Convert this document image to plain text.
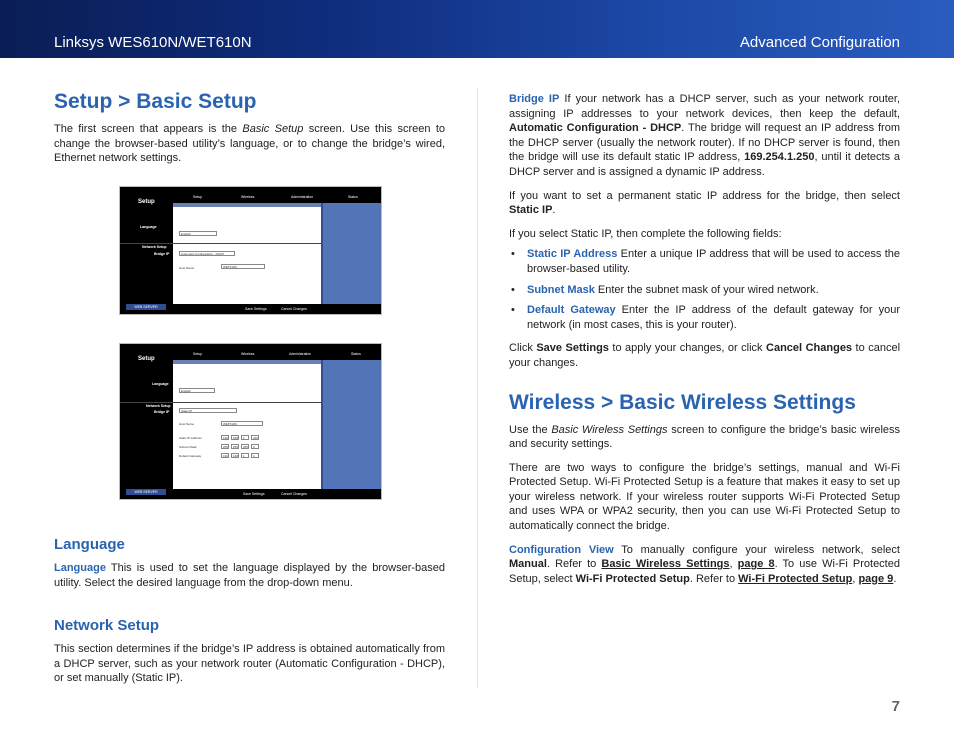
Linksys WES610N/WET610N	Advanced Configuration
Setup > Basic Setup

The first screen that appears is the Basic Setup screen. Use this screen to change the browser-based utility’s language, or to change the bridge’s wired, Ethernet network settings.

Setup
Language
Network Setup
Bridge IP
Setup	Wireless	Administration	Status
English
Automatic Configuration - DHCP
Host Name	WET610N
WEB SERVER	Save Settings	Cancel Changes
Setup
Language
Network Setup
Bridge IP
Setup	Wireless	Administration	Status
English
Static IP
Host Name	WET610N
Static IP Address	192 168 1	226
Subnet Mask	255 255 255 0
Default Gateway	192 168 1	1
WEB SERVER	Save Settings	Cancel Changes
Language

Language This is used to set the language displayed by the browser-based utility. Select the desired language from the drop-down menu.

Network Setup

This section determines if the bridge’s IP address is obtained automatically from a DHCP server, such as your network router (Automatic Configuration - DHCP), or set manually (Static IP).

Bridge IP If your network has a DHCP server, such as your network router, assigning IP addresses to your network devices, then keep the default, Automatic Configuration - DHCP. The bridge will request an IP address from the DHCP server (usually the network router). If no DHCP server is found, then the bridge will use its default static IP address, 169.254.1.250, until it detects a DHCP server and is assigned a dynamic IP address.

If you want to set a permanent static IP address for the bridge, then select Static IP.

If you select Static IP, then complete the following fields:

• Static IP Address Enter a unique IP address that will be used to access the browser-based utility.
• Subnet Mask Enter the subnet mask of your wired network.
• Default Gateway Enter the IP address of the default gateway for your network (in most cases, this is your router).

Click Save Settings to apply your changes, or click Cancel Changes to cancel your changes.

Wireless > Basic Wireless Settings

Use the Basic Wireless Settings screen to configure the bridge’s basic wireless and security settings.

There are two ways to configure the bridge’s settings, manual and Wi-Fi Protected Setup. Wi-Fi Protected Setup is a feature that makes it easy to set up your wireless network. If your wireless router supports Wi-Fi Protected Setup and uses WPA or WPA2 security, then you can use Wi-Fi Protected Setup to automatically connect the bridge.

Configuration View To manually configure your wireless network, select Manual. Refer to Basic Wireless Settings, page 8. To use Wi-Fi Protected Setup, select Wi-Fi Protected Setup. Refer to Wi-Fi Protected Setup, page 9.

7
